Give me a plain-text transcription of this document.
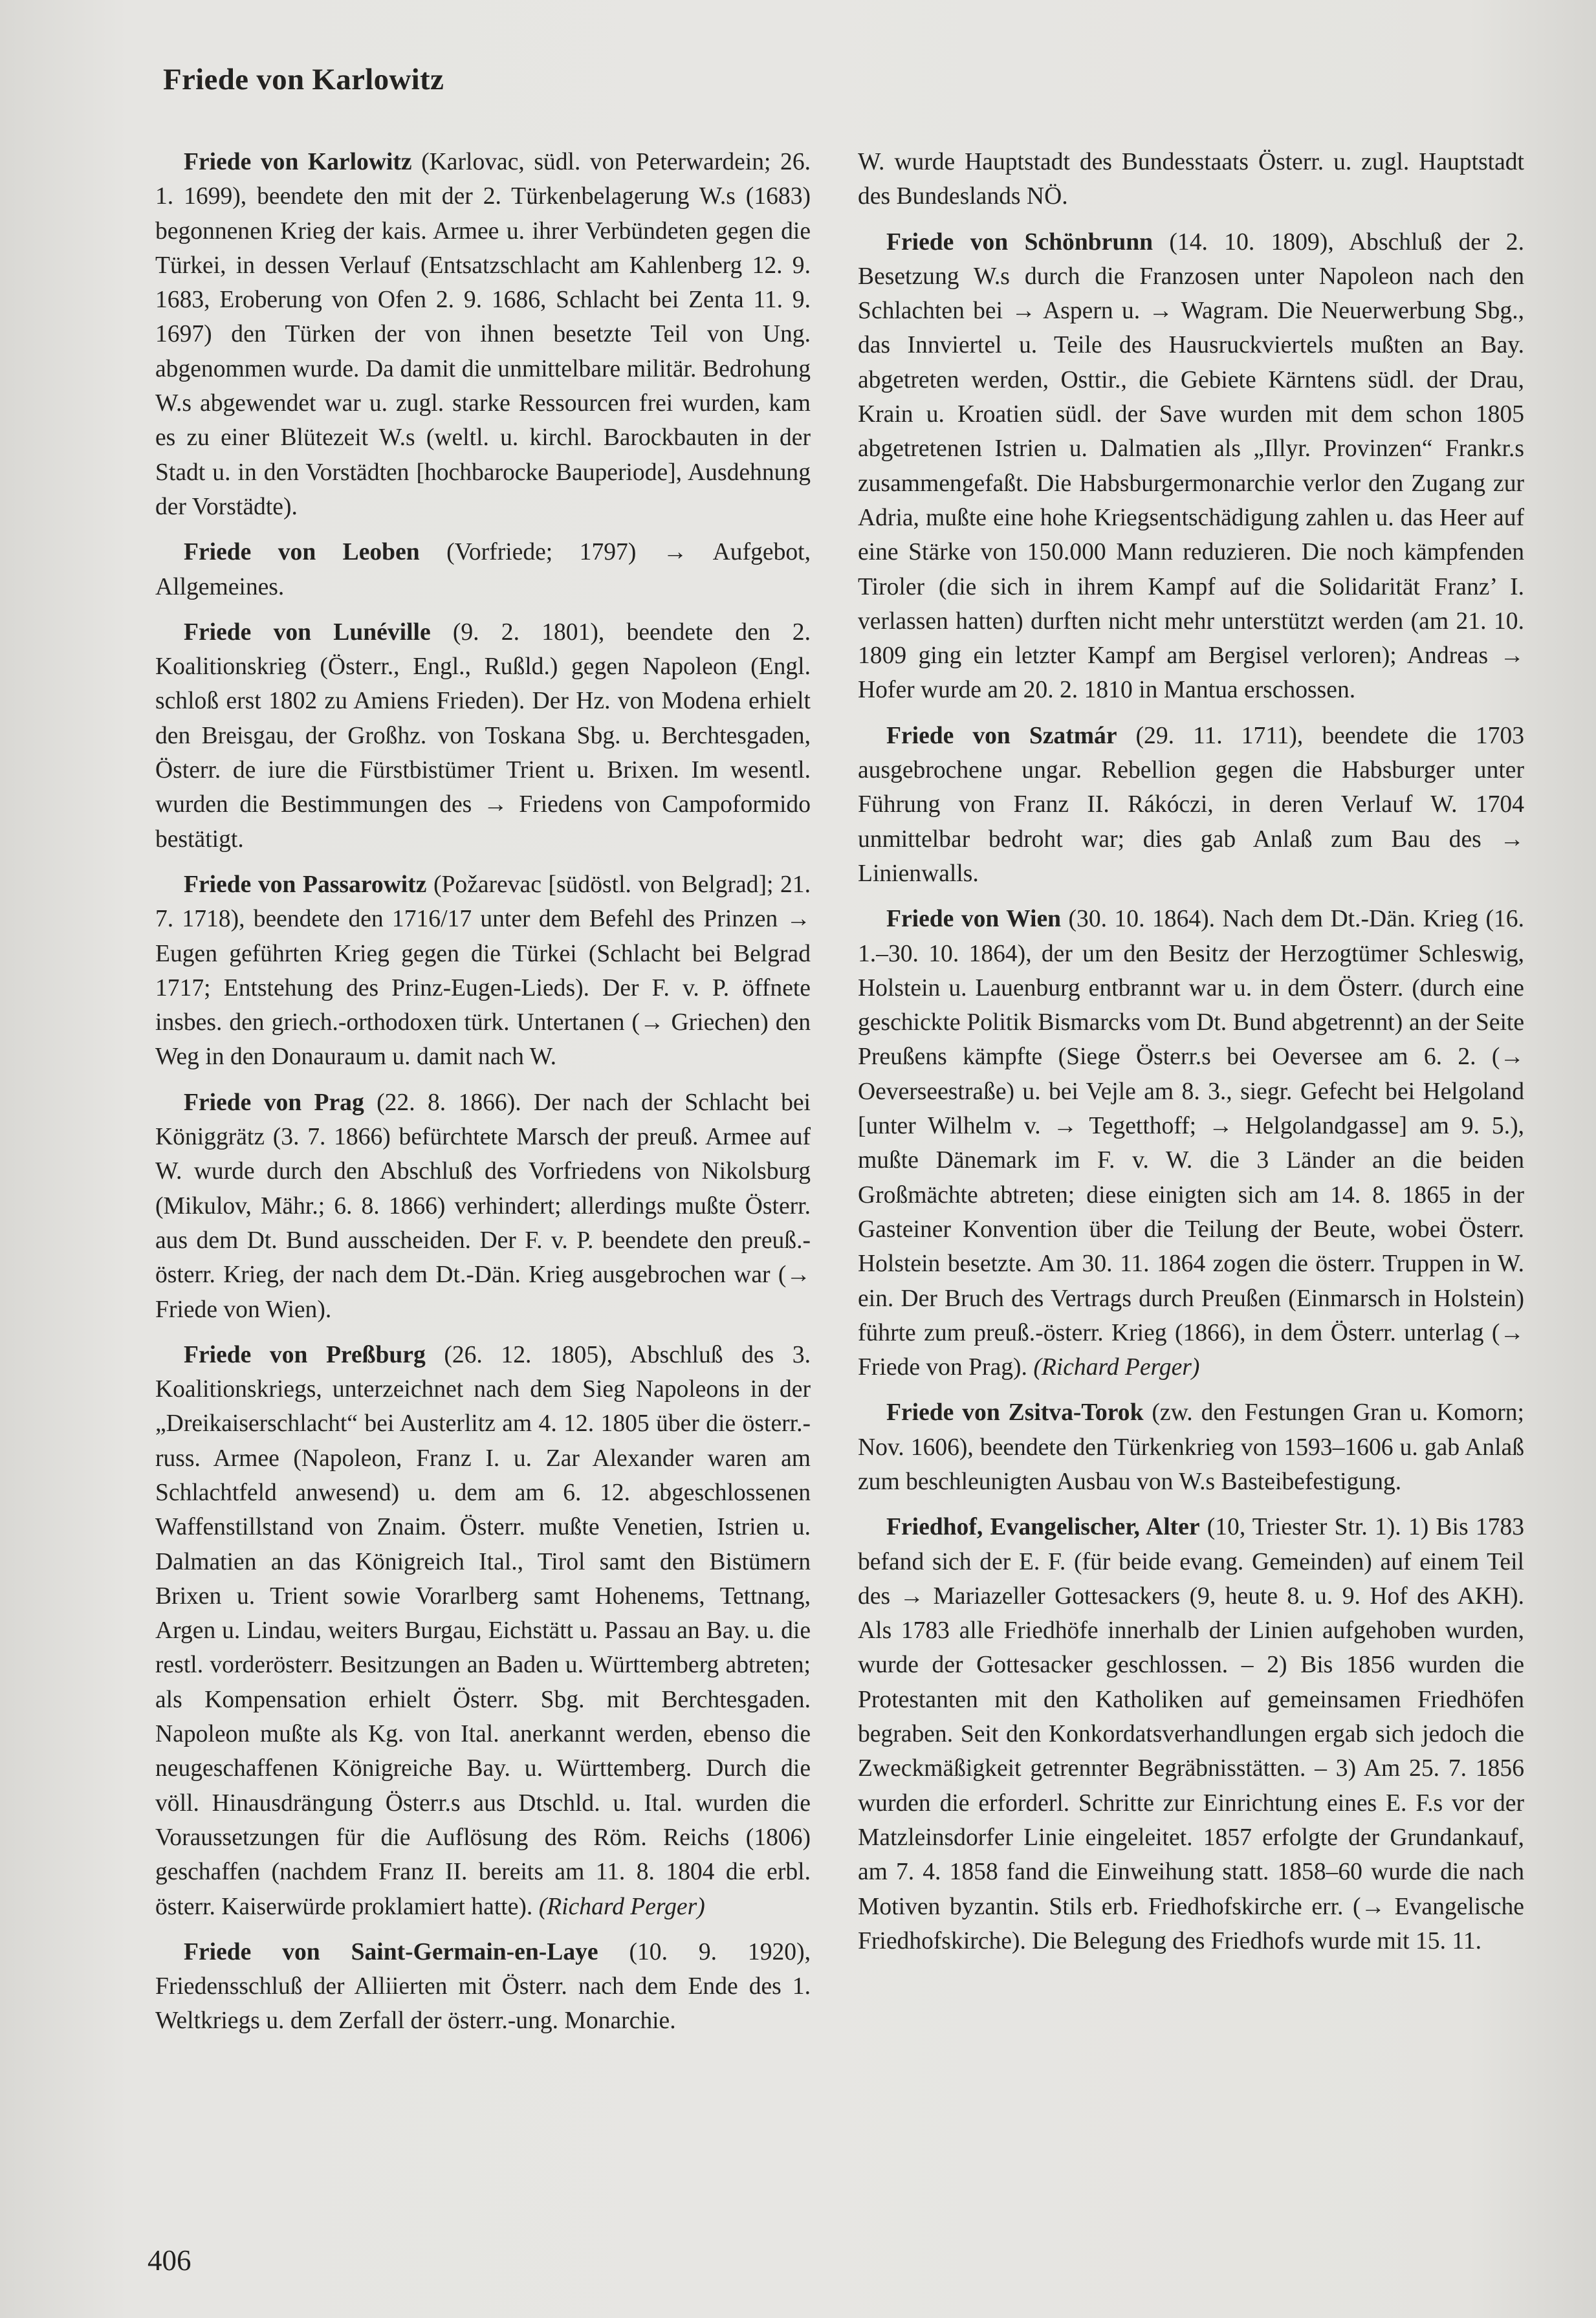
Friede von Karlowitz

Friede von Karlowitz (Karlovac, südl. von Peterwardein; 26. 1. 1699), beendete den mit der 2. Türkenbelagerung W.s (1683) begonnenen Krieg der kais. Armee u. ihrer Verbündeten gegen die Türkei, in dessen Verlauf (Entsatzschlacht am Kahlenberg 12. 9. 1683, Eroberung von Ofen 2. 9. 1686, Schlacht bei Zenta 11. 9. 1697) den Türken der von ihnen besetzte Teil von Ung. abgenommen wurde. Da damit die unmittelbare militär. Bedrohung W.s abgewendet war u. zugl. starke Ressourcen frei wurden, kam es zu einer Blütezeit W.s (weltl. u. kirchl. Barockbauten in der Stadt u. in den Vorstädten [hochbarocke Bauperiode], Ausdehnung der Vorstädte).

Friede von Leoben (Vorfriede; 1797) → Aufgebot, Allgemeines.

Friede von Lunéville (9. 2. 1801), beendete den 2. Koalitionskrieg (Österr., Engl., Rußld.) gegen Napoleon (Engl. schloß erst 1802 zu Amiens Frieden). Der Hz. von Modena erhielt den Breisgau, der Großhz. von Toskana Sbg. u. Berchtesgaden, Österr. de iure die Fürstbistümer Trient u. Brixen. Im wesentl. wurden die Bestimmungen des → Friedens von Campoformido bestätigt.

Friede von Passarowitz (Požarevac [südöstl. von Belgrad]; 21. 7. 1718), beendete den 1716/17 unter dem Befehl des Prinzen → Eugen geführten Krieg gegen die Türkei (Schlacht bei Belgrad 1717; Entstehung des Prinz-Eugen-Lieds). Der F. v. P. öffnete insbes. den griech.-orthodoxen türk. Untertanen (→ Griechen) den Weg in den Donauraum u. damit nach W.

Friede von Prag (22. 8. 1866). Der nach der Schlacht bei Königgrätz (3. 7. 1866) befürchtete Marsch der preuß. Armee auf W. wurde durch den Abschluß des Vorfriedens von Nikolsburg (Mikulov, Mähr.; 6. 8. 1866) verhindert; allerdings mußte Österr. aus dem Dt. Bund ausscheiden. Der F. v. P. beendete den preuß.-österr. Krieg, der nach dem Dt.-Dän. Krieg ausgebrochen war (→ Friede von Wien).

Friede von Preßburg (26. 12. 1805), Abschluß des 3. Koalitionskriegs, unterzeichnet nach dem Sieg Napoleons in der „Dreikaiserschlacht“ bei Austerlitz am 4. 12. 1805 über die österr.-russ. Armee (Napoleon, Franz I. u. Zar Alexander waren am Schlachtfeld anwesend) u. dem am 6. 12. abgeschlossenen Waffenstillstand von Znaim. Österr. mußte Venetien, Istrien u. Dalmatien an das Königreich Ital., Tirol samt den Bistümern Brixen u. Trient sowie Vorarlberg samt Hohenems, Tettnang, Argen u. Lindau, weiters Burgau, Eichstätt u. Passau an Bay. u. die restl. vorderösterr. Besitzungen an Baden u. Württemberg abtreten; als Kompensation erhielt Österr. Sbg. mit Berchtesgaden. Napoleon mußte als Kg. von Ital. anerkannt werden, ebenso die neugeschaffenen Königreiche Bay. u. Württemberg. Durch die völl. Hinausdrängung Österr.s aus Dtschld. u. Ital. wurden die Voraussetzungen für die Auflösung des Röm. Reichs (1806) geschaffen (nachdem Franz II. bereits am 11. 8. 1804 die erbl. österr. Kaiserwürde proklamiert hatte). (Richard Perger)

Friede von Saint-Germain-en-Laye (10. 9. 1920), Friedensschluß der Alliierten mit Österr. nach dem Ende des 1. Weltkriegs u. dem Zerfall der österr.-ung. Monarchie.

W. wurde Hauptstadt des Bundesstaats Österr. u. zugl. Hauptstadt des Bundeslands NÖ.

Friede von Schönbrunn (14. 10. 1809), Abschluß der 2. Besetzung W.s durch die Franzosen unter Napoleon nach den Schlachten bei → Aspern u. → Wagram. Die Neuerwerbung Sbg., das Innviertel u. Teile des Hausruckviertels mußten an Bay. abgetreten werden, Osttir., die Gebiete Kärntens südl. der Drau, Krain u. Kroatien südl. der Save wurden mit dem schon 1805 abgetretenen Istrien u. Dalmatien als „Illyr. Provinzen“ Frankr.s zusammengefaßt. Die Habsburgermonarchie verlor den Zugang zur Adria, mußte eine hohe Kriegsentschädigung zahlen u. das Heer auf eine Stärke von 150.000 Mann reduzieren. Die noch kämpfenden Tiroler (die sich in ihrem Kampf auf die Solidarität Franz’ I. verlassen hatten) durften nicht mehr unterstützt werden (am 21. 10. 1809 ging ein letzter Kampf am Bergisel verloren); Andreas → Hofer wurde am 20. 2. 1810 in Mantua erschossen.

Friede von Szatmár (29. 11. 1711), beendete die 1703 ausgebrochene ungar. Rebellion gegen die Habsburger unter Führung von Franz II. Rákóczi, in deren Verlauf W. 1704 unmittelbar bedroht war; dies gab Anlaß zum Bau des → Linienwalls.

Friede von Wien (30. 10. 1864). Nach dem Dt.-Dän. Krieg (16. 1.–30. 10. 1864), der um den Besitz der Herzogtümer Schleswig, Holstein u. Lauenburg entbrannt war u. in dem Österr. (durch eine geschickte Politik Bismarcks vom Dt. Bund abgetrennt) an der Seite Preußens kämpfte (Siege Österr.s bei Oeversee am 6. 2. (→ Oeverseestraße) u. bei Vejle am 8. 3., siegr. Gefecht bei Helgoland [unter Wilhelm v. → Tegetthoff; → Helgolandgasse] am 9. 5.), mußte Dänemark im F. v. W. die 3 Länder an die beiden Großmächte abtreten; diese einigten sich am 14. 8. 1865 in der Gasteiner Konvention über die Teilung der Beute, wobei Österr. Holstein besetzte. Am 30. 11. 1864 zogen die österr. Truppen in W. ein. Der Bruch des Vertrags durch Preußen (Einmarsch in Holstein) führte zum preuß.-österr. Krieg (1866), in dem Österr. unterlag (→ Friede von Prag). (Richard Perger)

Friede von Zsitva-Torok (zw. den Festungen Gran u. Komorn; Nov. 1606), beendete den Türkenkrieg von 1593–1606 u. gab Anlaß zum beschleunigten Ausbau von W.s Basteibefestigung.

Friedhof, Evangelischer, Alter (10, Triester Str. 1). 1) Bis 1783 befand sich der E. F. (für beide evang. Gemeinden) auf einem Teil des → Mariazeller Gottesackers (9, heute 8. u. 9. Hof des AKH). Als 1783 alle Friedhöfe innerhalb der Linien aufgehoben wurden, wurde der Gottesacker geschlossen. – 2) Bis 1856 wurden die Protestanten mit den Katholiken auf gemeinsamen Friedhöfen begraben. Seit den Konkordatsverhandlungen ergab sich jedoch die Zweckmäßigkeit getrennter Begräbnisstätten. – 3) Am 25. 7. 1856 wurden die erforderl. Schritte zur Einrichtung eines E. F.s vor der Matzleinsdorfer Linie eingeleitet. 1857 erfolgte der Grundankauf, am 7. 4. 1858 fand die Einweihung statt. 1858–60 wurde die nach Motiven byzantin. Stils erb. Friedhofskirche err. (→ Evangelische Friedhofskirche). Die Belegung des Friedhofs wurde mit 15. 11.

406
